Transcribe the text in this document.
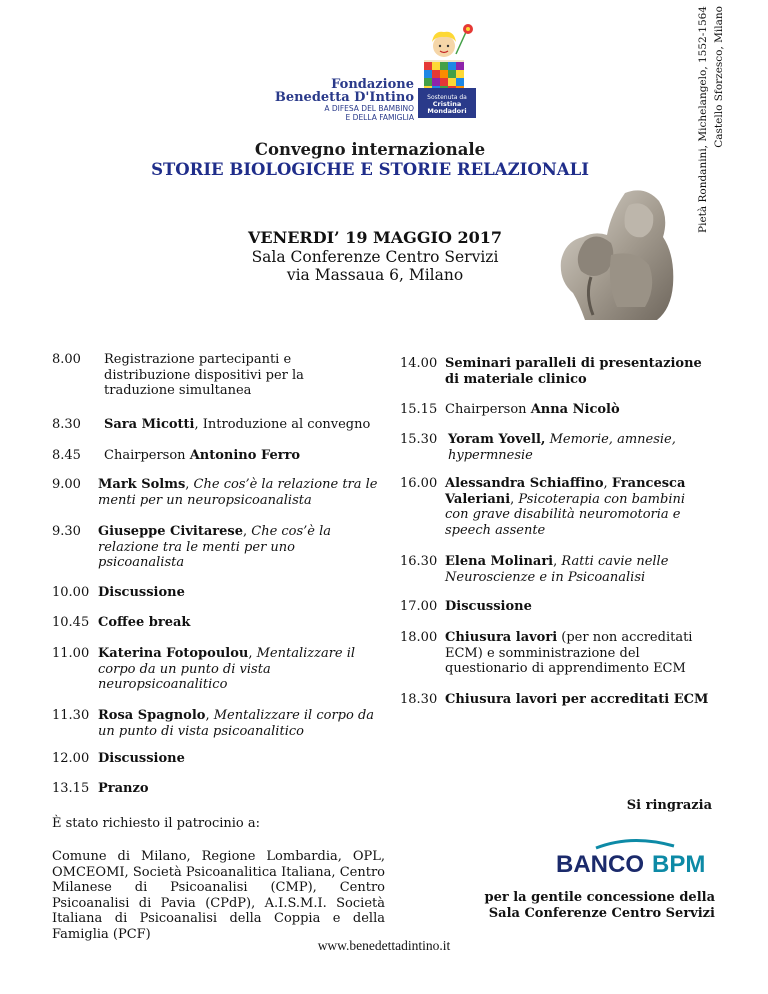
Sostenuta da
Cristina
Mondadori
Fondazione
Benedetta D'Intino
A DIFESA DEL BAMBINO
E DELLA FAMIGLIA
Convegno internazionale
STORIE BIOLOGICHE E STORIE RELAZIONALI
VENERDI’ 19 MAGGIO 2017
Sala Conferenze Centro Servizi
via Massaua 6, Milano
Pietà Rondanini, Michelangelo, 1552-1564 Castello Sforzesco, Milano
8.00 Registrazione partecipanti e distribuzione dispositivi per la traduzione simultanea
8.30 Sara Micotti, Introduzione al convegno
8.45 Chairperson Antonino Ferro
9.00 Mark Solms, Che cos’è la relazione tra le menti per un neuropsicoanalista
9.30 Giuseppe Civitarese, Che cos’è la relazione tra le menti per uno psicoanalista
10.00 Discussione
10.45 Coffee break
11.00 Katerina Fotopoulou, Mentalizzare il corpo da un punto di vista neuropsicoanalitico
11.30 Rosa Spagnolo, Mentalizzare il corpo da un punto di vista psicoanalitico
12.00 Discussione
13.15 Pranzo
14.00 Seminari paralleli di presentazione di materiale clinico
15.15 Chairperson Anna Nicolò
15.30 Yoram Yovell, Memorie, amnesie, hypermnesie
16.00 Alessandra Schiaffino, Francesca Valeriani, Psicoterapia con bambini con grave disabilità neuromotoria e speech assente
16.30 Elena Molinari, Ratti cavie nelle Neuroscienze e in Psicoanalisi
17.00 Discussione
18.00 Chiusura lavori (per non accreditati ECM) e somministrazione del questionario di apprendimento ECM
18.30 Chiusura lavori per accreditati ECM
È stato richiesto il patrocinio a:
Comune di Milano, Regione Lombardia, OPL, OMCEOMI, Società Psicoanalitica Italiana, Centro Milanese di Psicoanalisi (CMP), Centro Psicoanalisi di Pavia (CPdP), A.I.S.M.I. Società Italiana di Psicoanalisi della Coppia e della Famiglia (PCF)
Si ringrazia
BANCO BPM
per la gentile concessione della
Sala Conferenze Centro Servizi
www.benedettadintino.it
